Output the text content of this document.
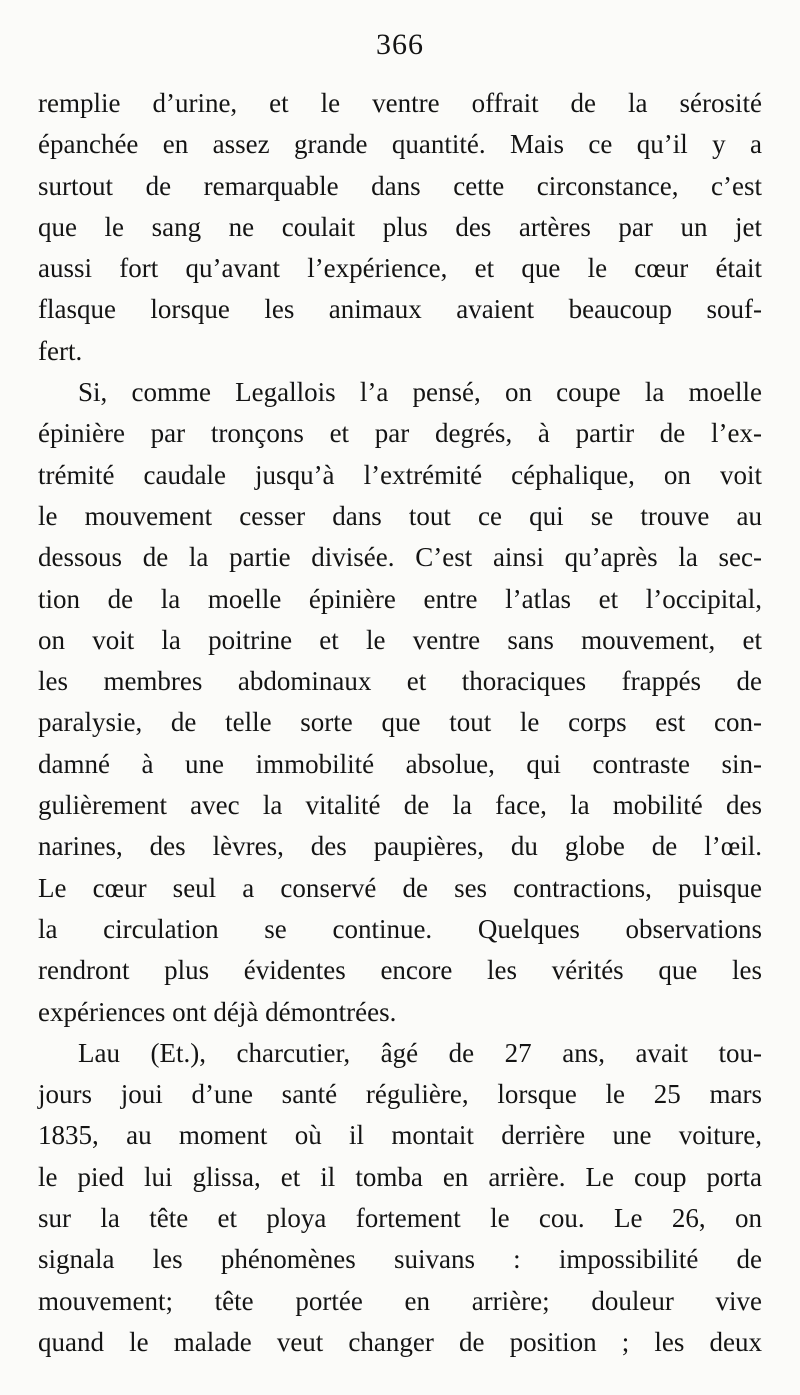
366
remplie d’urine, et le ventre offrait de la sérosité
épanchée en assez grande quantité. Mais ce qu’il y a
surtout de remarquable dans cette circonstance, c’est
que le sang ne coulait plus des artères par un jet
aussi fort qu’avant l’expérience, et que le cœur était
flasque lorsque les animaux avaient beaucoup souf-
fert.
Si, comme Legallois l’a pensé, on coupe la moelle
épinière par tronçons et par degrés, à partir de l’ex-
trémité caudale jusqu’à l’extrémité céphalique, on voit
le mouvement cesser dans tout ce qui se trouve au
dessous de la partie divisée. C’est ainsi qu’après la sec-
tion de la moelle épinière entre l’atlas et l’occipital,
on voit la poitrine et le ventre sans mouvement, et
les membres abdominaux et thoraciques frappés de
paralysie, de telle sorte que tout le corps est con-
damné à une immobilité absolue, qui contraste sin-
gulièrement avec la vitalité de la face, la mobilité des
narines, des lèvres, des paupières, du globe de l’œil.
Le cœur seul a conservé de ses contractions, puisque
la circulation se continue. Quelques observations
rendront plus évidentes encore les vérités que les
expériences ont déjà démontrées.
Lau (Et.), charcutier, âgé de 27 ans, avait tou-
jours joui d’une santé régulière, lorsque le 25 mars
1835, au moment où il montait derrière une voiture,
le pied lui glissa, et il tomba en arrière. Le coup porta
sur la tête et ploya fortement le cou. Le 26, on
signala les phénomènes suivans : impossibilité de
mouvement; tête portée en arrière; douleur vive
quand le malade veut changer de position ; les deux
